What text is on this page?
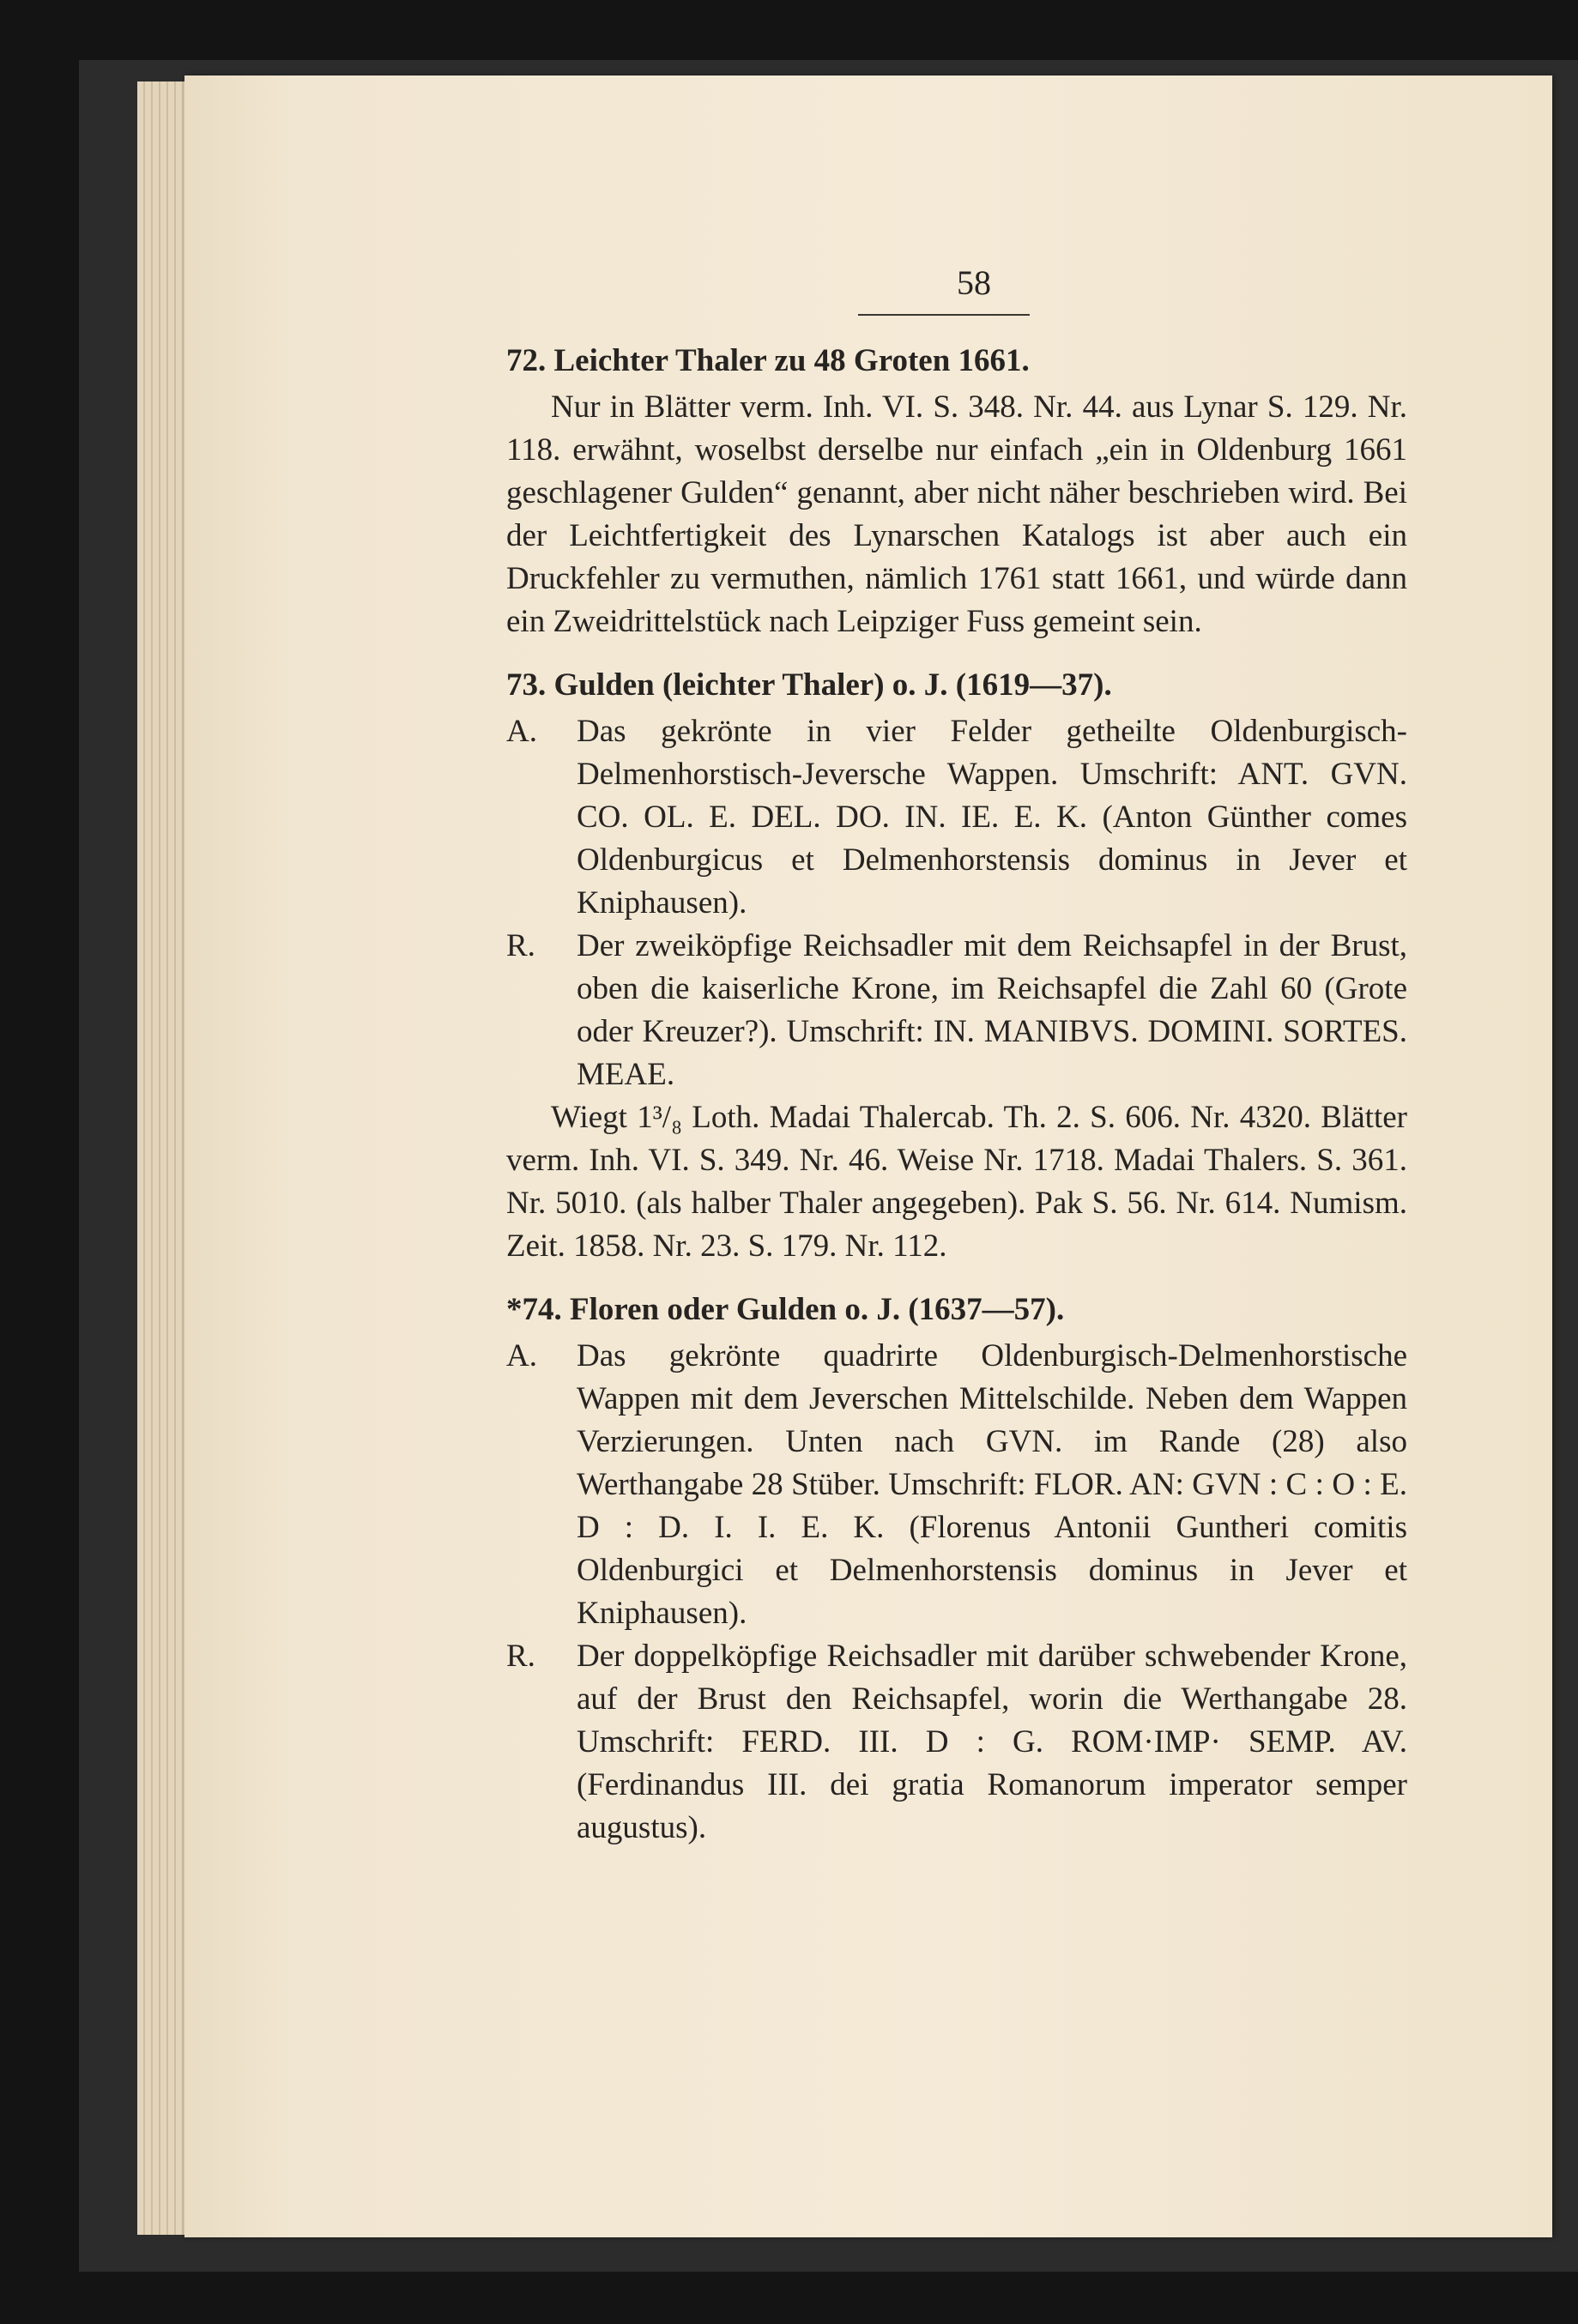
58
72. Leichter Thaler zu 48 Groten 1661.
Nur in Blätter verm. Inh. VI. S. 348. Nr. 44. aus Lynar S. 129. Nr. 118. erwähnt, woselbst derselbe nur einfach „ein in Oldenburg 1661 geschlagener Gulden“ genannt, aber nicht näher beschrieben wird. Bei der Leichtfertigkeit des Lynarschen Katalogs ist aber auch ein Druckfehler zu vermuthen, nämlich 1761 statt 1661, und würde dann ein Zweidrittelstück nach Leipziger Fuss gemeint sein.
73. Gulden (leichter Thaler) o. J. (1619—37).
A. Das gekrönte in vier Felder getheilte Oldenburgisch-Delmenhorstisch-Jeversche Wappen. Umschrift: ANT. GVN. CO. OL. E. DEL. DO. IN. IE. E. K. (Anton Günther comes Oldenburgicus et Delmenhorstensis dominus in Jever et Kniphausen).
R. Der zweiköpfige Reichsadler mit dem Reichsapfel in der Brust, oben die kaiserliche Krone, im Reichsapfel die Zahl 60 (Grote oder Kreuzer?). Umschrift: IN. MANIBVS. DOMINI. SORTES. MEAE.
Wiegt 1³/₈ Loth. Madai Thalercab. Th. 2. S. 606. Nr. 4320. Blätter verm. Inh. VI. S. 349. Nr. 46. Weise Nr. 1718. Madai Thalers. S. 361. Nr. 5010. (als halber Thaler angegeben). Pak S. 56. Nr. 614. Numism. Zeit. 1858. Nr. 23. S. 179. Nr. 112.
*74. Floren oder Gulden o. J. (1637—57).
A. Das gekrönte quadrirte Oldenburgisch-Delmenhorstische Wappen mit dem Jeverschen Mittelschilde. Neben dem Wappen Verzierungen. Unten nach GVN. im Rande (28) also Werthangabe 28 Stüber. Umschrift: FLOR. AN: GVN : C : O : E. D : D. I. I. E. K. (Florenus Antonii Guntheri comitis Oldenburgici et Delmenhorstensis dominus in Jever et Kniphausen).
R. Der doppelköpfige Reichsadler mit darüber schwebender Krone, auf der Brust den Reichsapfel, worin die Werthangabe 28. Umschrift: FERD. III. D : G. ROM·IMP· SEMP. AV. (Ferdinandus III. dei gratia Romanorum imperator semper augustus).
